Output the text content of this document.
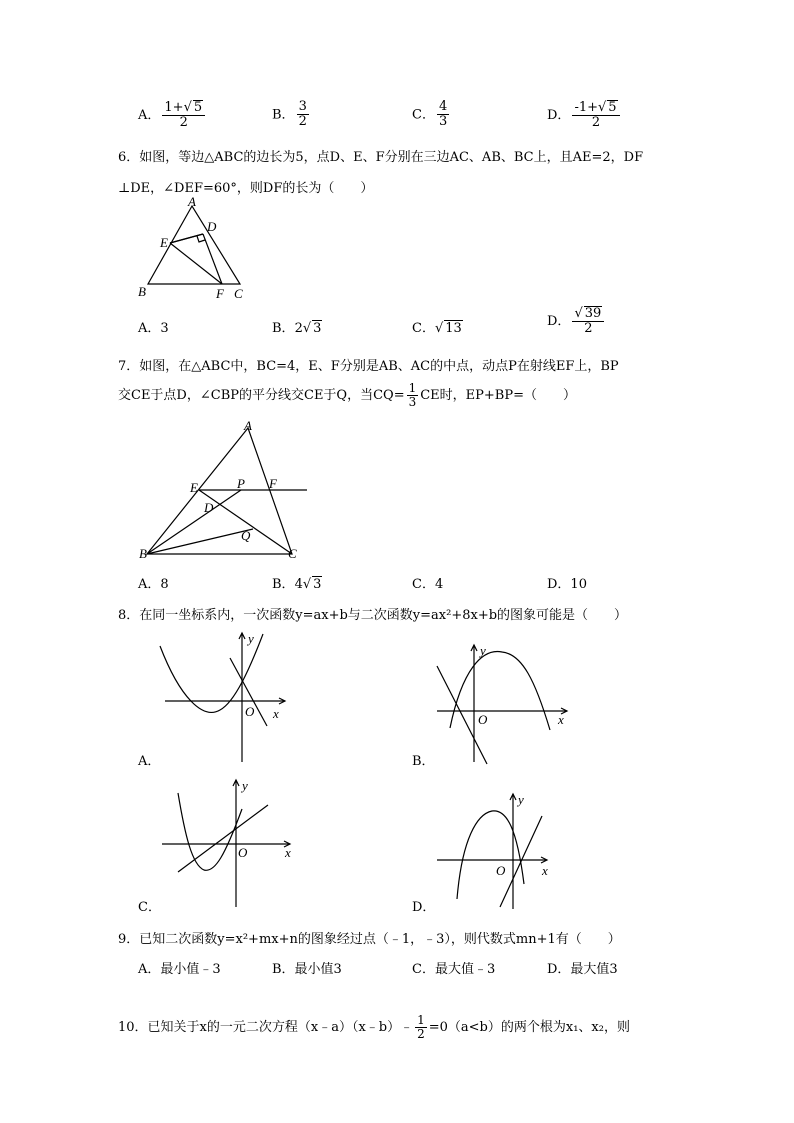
A． $\frac{1+√ 5}{2}$	B． $\frac{3}{2}$	C． $\frac{4}{3}$	D． $\frac{-1+√ 5}{2}$
6．如图，等边△ABC的边长为5，点D、E、F分别在三边AC、AB、BC上，且AE=2，DF
⊥DE，∠DEF=60°，则DF的长为（　　）
A
D
E
B	F C
A．3	B．2√ 3	C．√ 13	D． $\frac{√ 39}{2}$
7．如图，在△ABC中，BC=4，E、F分别是AB、AC的中点，动点P在射线EF上，BP
交CE于点D，∠CBP的平分线交CE于Q，当$CQ= \frac{1}{3}$ CE时，EP+BP=（　　）
A
E	P F
D
Q
B	C
A．8	B．4√ 3	C．4	D．10
8．在同一坐标系内，一次函数y=ax+b与二次函数y=ax²+8x+b的图象可能是（　　）
y
x
O
A．
y
x
O
B．
y
x
O
C．
y
x
O
D．
9．已知二次函数y=x²+mx+n的图象经过点（﹣1，﹣3），则代数式mn+1有（　　）
A．最小值﹣3	B．最小值3	C．最大值﹣3	D．最大值3
10．已知关于x的一元二次方程（x﹣a）（x﹣b）﹣ $\frac{1}{2} =0(a<b)$的两个根为x₁、x₂，则
